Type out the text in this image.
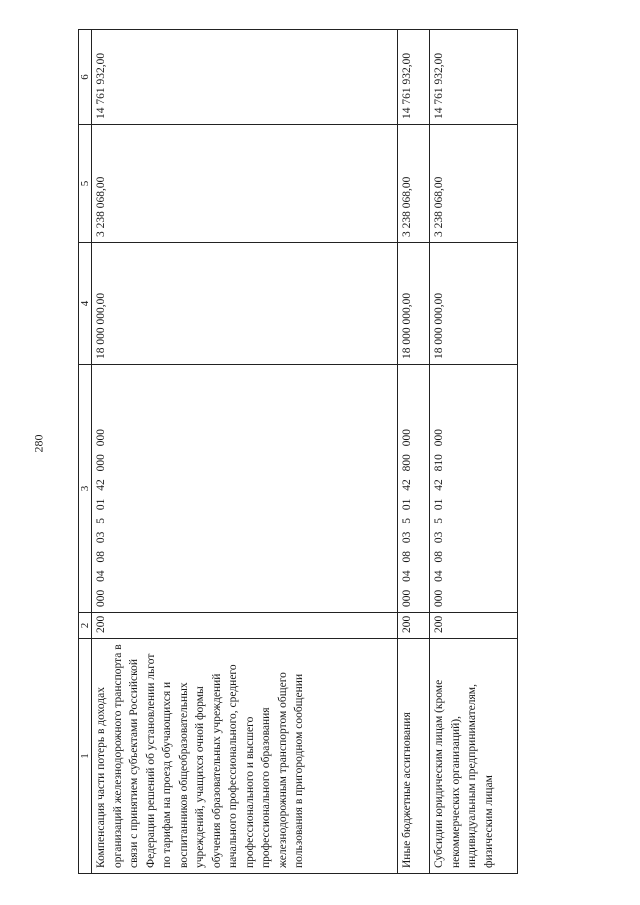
280
1	2	3	4	5	6
Компенсация части потерь в доходах организаций железнодорожного транспорта в связи с принятием субъектами Российской Федерации решений об установлении льгот по тарифам на проезд обучающихся и воспитанников общеобразовательных учреждений, учащихся очной формы обучения образовательных учреждений начального профессионального, среднего профессионального и высшего профессионального образования железнодорожным транспортом общего пользования в пригородном сообщении	200	000 04 08 03 5 01 42 000 000	18 000 000,00	3 238 068,00	14 761 932,00
Иные бюджетные ассигнования	200	000 04 08 03 5 01 42 800 000	18 000 000,00	3 238 068,00	14 761 932,00
Субсидии юридическим лицам (кроме некоммерческих организаций), индивидуальным предпринимателям, физическим лицам	200	000 04 08 03 5 01 42 810 000	18 000 000,00	3 238 068,00	14 761 932,00
